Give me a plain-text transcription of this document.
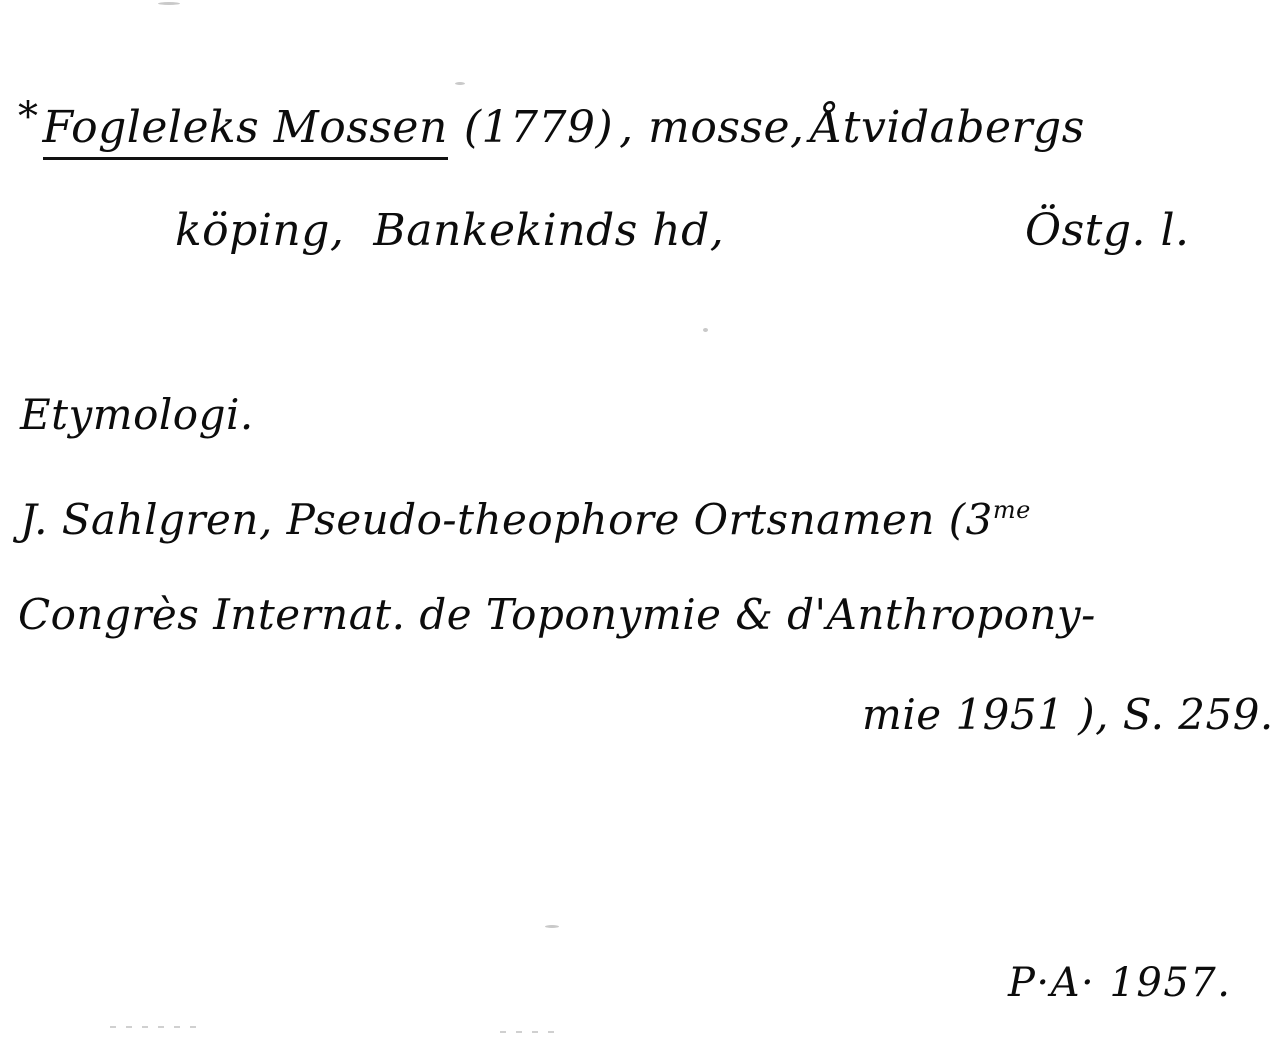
*Fogleleks Mossen (1779) , mosse, Åtvidabergs
köping, Bankekinds hd,	Östg. l.
Etymologi.
J. Sahlgren, Pseudo-theophore Ortsnamen ($3^{me}$
Congrès Internat. de Toponymie & d'Anthropony-
mie 1951 ), S. 259.
P·A· 1957.
